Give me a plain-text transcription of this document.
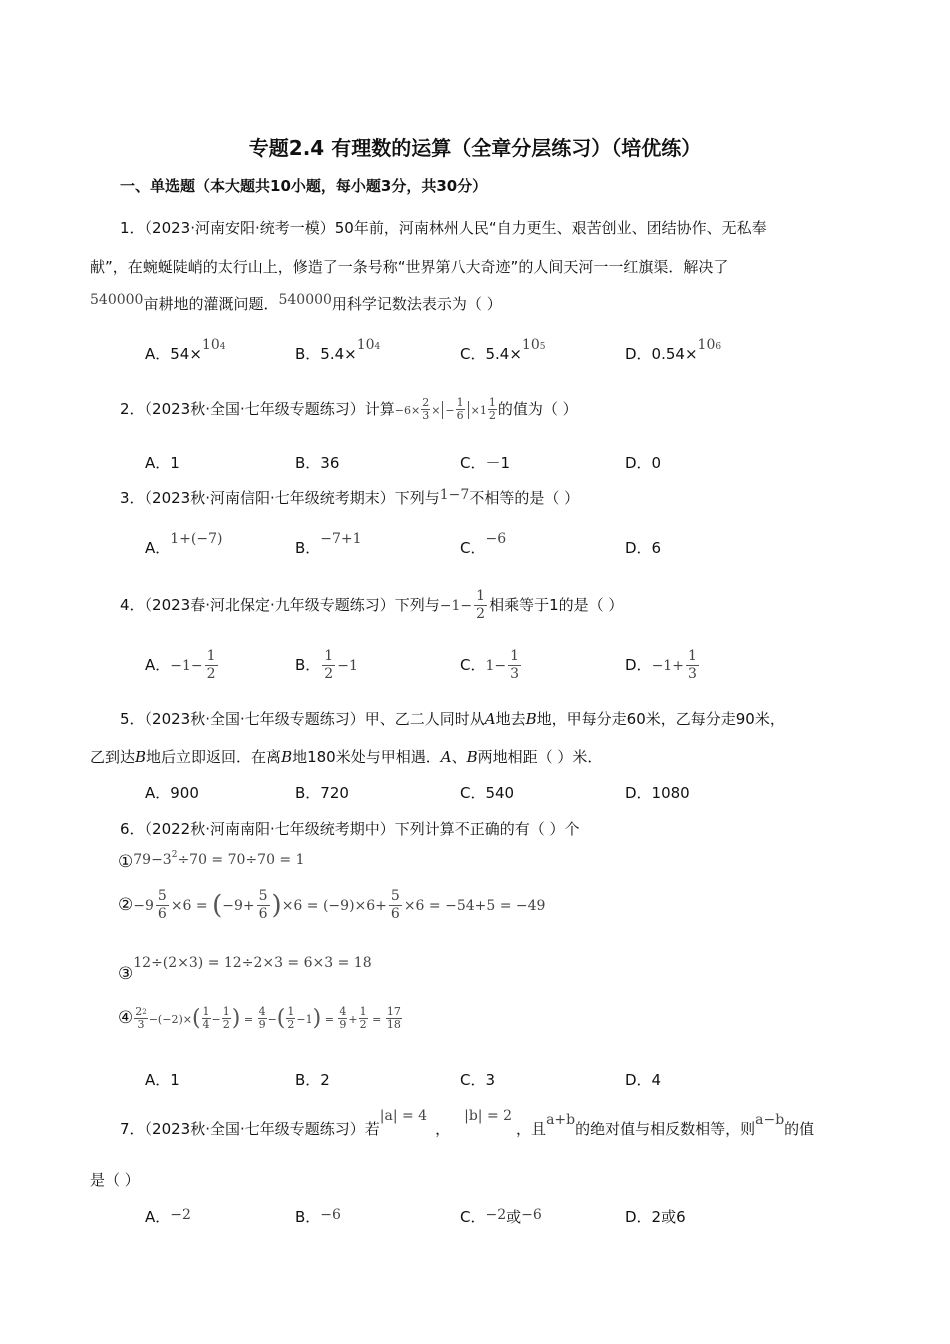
专题2.4 有理数的运算（全章分层练习）（培优练）
一、单选题（本大题共10小题，每小题3分，共30分）
1．（2023·河南安阳·统考一模）50年前，河南林州人民“自力更生、艰苦创业、团结协作、无私奉
献”，在蜿蜒陡峭的太行山上，修造了一条号称“世界第八大奇迹”的人间天河一一红旗渠．解决了
540000亩耕地的灌溉问题．540000用科学记数法表示为（ ）
A．$54\times 10^4$	B．$5.4\times 10^4$	C．$5.4\times 10^5$	D．$0.54\times 10^6$
2．（2023秋·全国·七年级专题练习）计算$-6\times \frac{2}{3}$ × − $\frac{1}{6} \times 1 \frac{1}{2}$ 的值为（ ）
A．1	B．36	C．－1	D．0
3．（2023秋·河南信阳·七年级统考期末）下列与1−7不相等的是（ ）
A．1+(−7)	B．−7+1	C．−6	D．6
4．（2023春·河北保定·九年级专题练习）下列与$-1- \frac{1}{2}$ 相乘等于1的是（ ）
A．$-1- \frac{1}{2}$	B． $\frac{1}{2} -1$	C．$1- \frac{1}{3}$	D．$-1+ \frac{1}{3}$
5．（2023秋·全国·七年级专题练习）甲、乙二人同时从A地去B地，甲每分走60米，乙每分走90米，
乙到达B地后立即返回．在离B地180米处与甲相遇．A、B两地相距（ ）米．
A．900	B．720	C．540	D．1080
6．（2022秋·河南南阳·七年级统考期中）下列计算不正确的有（ ）个
$①79-3^2\div 70 = 70\div 70 = 1$
②−9 $\frac{5}{6} \times 6 = (-9+ \frac{5}{6} )\times 6 = (-9)\times 6+ \frac{5}{6} \times 6 = -54+5 = -49$
③12÷(2×3) = 12÷2×3 = 6×3 = 18
④ $\frac{2^2}{3} -(-2)\times( \frac{1}{4} - \frac{1}{2}$ ) = $\frac{4}{9}$ −( $\frac{1}{2} -1) = \frac{4}{9} + \frac{1}{2} = \frac{17}{18}$
A．1	B．2	C．3	D．4
7．（2023秋·全国·七年级专题练习）若|a| = 4，|b| = 2，且a+b的绝对值与相反数相等，则a−b的值
是（ ）
A．−2	B．−6	C．−2或−6	D．2或6
